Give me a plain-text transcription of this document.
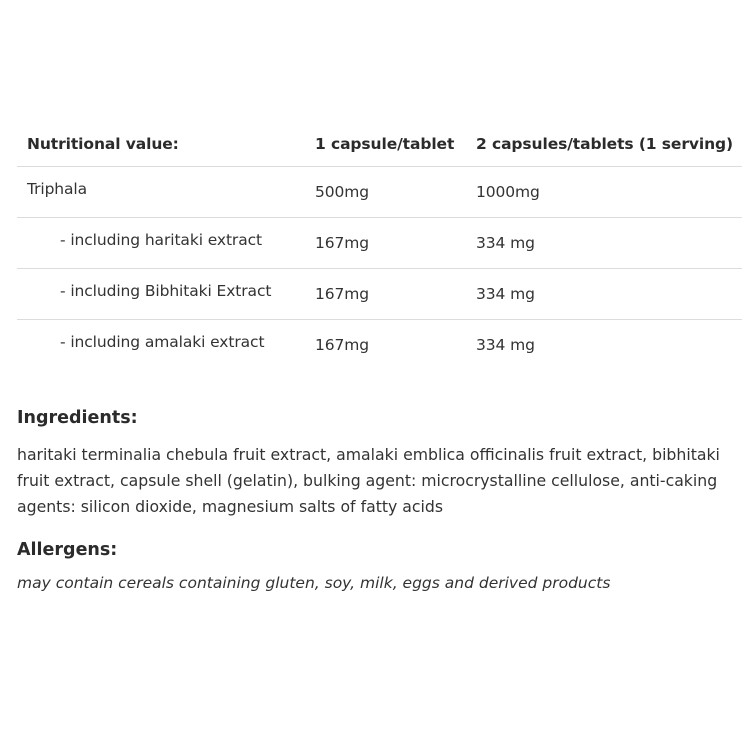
Nutritional value:	1 capsule/tablet	2 capsules/tablets (1 serving)
Triphala	500mg	1000mg
- including haritaki extract	167mg	334 mg
- including Bibhitaki Extract	167mg	334 mg
- including amalaki extract	167mg	334 mg
Ingredients:

haritaki terminalia chebula fruit extract, amalaki emblica officinalis fruit extract, bibhitaki fruit extract, capsule shell (gelatin), bulking agent: microcrystalline cellulose, anti-caking agents: silicon dioxide, magnesium salts of fatty acids

Allergens:

may contain cereals containing gluten, soy, milk, eggs and derived products
